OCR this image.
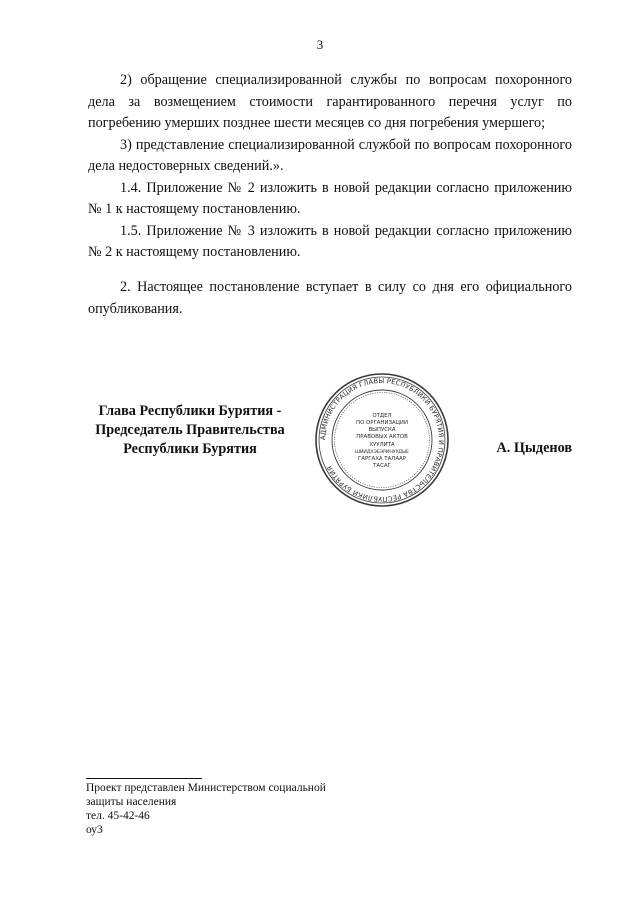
3

2) обращение специализированной службы по вопросам похоронного дела за возмещением стоимости гарантированного перечня услуг по погребению умерших позднее шести месяцев со дня погребения умершего;

3) представление специализированной службой по вопросам похоронного дела недостоверных сведений.».

1.4. Приложение № 2 изложить в новой редакции согласно приложению № 1 к настоящему постановлению.

1.5. Приложение № 3 изложить в новой редакции согласно приложению № 2 к настоящему постановлению.

2. Настоящее постановление вступает в силу со дня его официального опубликования.

Глава Республики Бурятия -
Председатель Правительства
Республики Бурятия
АДМИНИСТРАЦИЯ ГЛАВЫ РЕСПУБЛИКИ БУРЯТИЯ И ПРАВИТЕЛЬСТВА РЕСПУБЛИКИ БУРЯТИЯ
ОТДЕЛ
ПО ОРГАНИЗАЦИИ
ВЫПУСКА
ПРАВОВЫХ АКТОВ
ХУУЛИТА
ШИИДХЭБЭРИНУУДЫЕ
ГАРГАХА ТАЛААР
ТАСАГ
А. Цыденов
Проект представлен Министерством социальной
защиты населения
тел. 45-42-46
оу3
